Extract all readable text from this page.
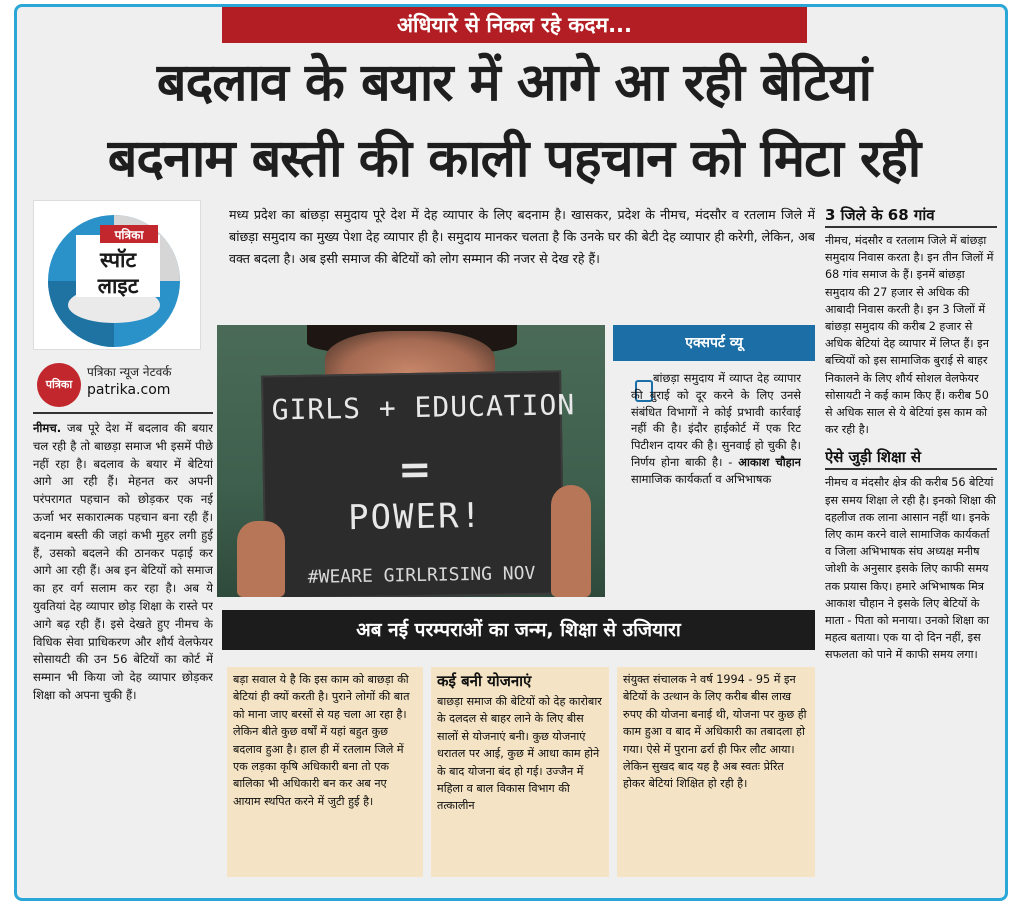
अंधियारे से निकल रहे कदम...
बदलाव के बयार में आगे आ रही बेटियां
बदनाम बस्ती की काली पहचान को मिटा रही
पत्रिका
स्पॉट
लाइट
पत्रिका
पत्रिका न्यूज नेटवर्क
patrika.com
नीमच. जब पूरे देश में बदलाव की बयार चल रही है तो बाछड़ा समाज भी इसमें पीछे नहीं रहा है। बदलाव के बयार में बेटियां आगे आ रही हैं। मेहनत कर अपनी परंपरागत पहचान को छोड़कर एक नई ऊर्जा भर सकारात्मक पहचान बना रही हैं। बदनाम बस्ती की जहां कभी मुहर लगी हुई हैं, उसको बदलने की ठानकर पढ़ाई कर आगे आ रही हैं। अब इन बेटियों को समाज का हर वर्ग सलाम कर रहा है। अब ये युवतियां देह व्यापार छोड़ शिक्षा के रास्ते पर आगे बढ़ रही हैं। इसे देखते हुए नीमच के विधिक सेवा प्राधिकरण और शौर्य वेलफेयर सोसायटी की उन 56 बेटियों का कोर्ट में सम्मान भी किया जो देह व्यापार छोड़कर शिक्षा को अपना चुकी हैं।
मध्य प्रदेश का बांछड़ा समुदाय पूरे देश में देह व्यापार के लिए बदनाम है। खासकर, प्रदेश के नीमच, मंदसौर व रतलाम जिले में बांछड़ा समुदाय का मुख्य पेशा देह व्यापार ही है। समुदाय मानकर चलता है कि उनके घर की बेटी देह व्यापार ही करेगी, लेकिन, अब वक्त बदला है। अब इसी समाज की बेटियों को लोग सम्मान की नजर से देख रहे हैं।
GIRLS + EDUCATION
=
POWER!
#WEARE GIRLRISING NOV
एक्सपर्ट व्यू

बांछड़ा समुदाय में व्याप्त देह व्यापार की बुराई को दूर करने के लिए उनसे संबंधित विभागों ने कोई प्रभावी कार्रवाई नहीं की है। इंदौर हाईकोर्ट में एक रिट पिटीशन दायर की है। सुनवाई हो चुकी है। निर्णय होना बाकी है। - आकाश चौहान सामाजिक कार्यकर्ता व अभिभाषक

अब नई परम्पराओं का जन्म, शिक्षा से उजियारा
बड़ा सवाल ये है कि इस काम को बाछड़ा की बेटियां ही क्यों करती है। पुराने लोगों की बात को माना जाए बरसों से यह चला आ रहा है। लेकिन बीते कुछ वर्षों में यहां बहुत कुछ बदलाव हुआ है। हाल ही में रतलाम जिले में एक लड़का कृषि अधिकारी बना तो एक बालिका भी अधिकारी बन कर अब नए आयाम स्थपित करने में जुटी हुई है।
कई बनी योजनाएं

बाछड़ा समाज की बेटियों को देह कारोबार के दलदल से बाहर लाने के लिए बीस सालों से योजनाएं बनी। कुछ योजनाएं धरातल पर आई, कुछ में आधा काम होने के बाद योजना बंद हो गई। उज्जैन में महिला व बाल विकास विभाग की तत्कालीन

संयुक्त संचालक ने वर्ष 1994 - 95 में इन बेटियों के उत्थान के लिए करीब बीस लाख रुपए की योजना बनाई थी, योजना पर कुछ ही काम हुआ व बाद में अधिकारी का तबादला हो गया। ऐसे में पुराना ढर्रा ही फिर लौट आया। लेकिन सुखद बाद यह है अब स्वतः प्रेरित होकर बेटियां शिक्षित हो रही है।
3 जिले के 68 गांव

नीमच, मंदसौर व रतलाम जिले में बांछड़ा समुदाय निवास करता है। इन तीन जिलों में 68 गांव समाज के हैं। इनमें बांछड़ा समुदाय की 27 हजार से अधिक की आबादी निवास करती है। इन 3 जिलों में बांछड़ा समुदाय की करीब 2 हजार से अधिक बेटियां देह व्यापार में लिप्त हैं। इन बच्चियों को इस सामाजिक बुराई से बाहर निकालने के लिए शौर्य सोशल वेलफेयर सोसायटी ने कई काम किए हैं। करीब 50 से अधिक साल से ये बेटियां इस काम को कर रही है।

ऐसे जुड़ी शिक्षा से

नीमच व मंदसौर क्षेत्र की करीब 56 बेटियां इस समय शिक्षा ले रही है। इनको शिक्षा की दहलीज तक लाना आसान नहीं था। इनके लिए काम करने वाले सामाजिक कार्यकर्ता व जिला अभिभाषक संघ अध्यक्ष मनीष जोशी के अनुसार इसके लिए काफी समय तक प्रयास किए। हमारे अभिभाषक मित्र आकाश चौहान ने इसके लिए बेटियों के माता - पिता को मनाया। उनको शिक्षा का महत्व बताया। एक या दो दिन नहीं, इस सफलता को पाने में काफी समय लगा।
